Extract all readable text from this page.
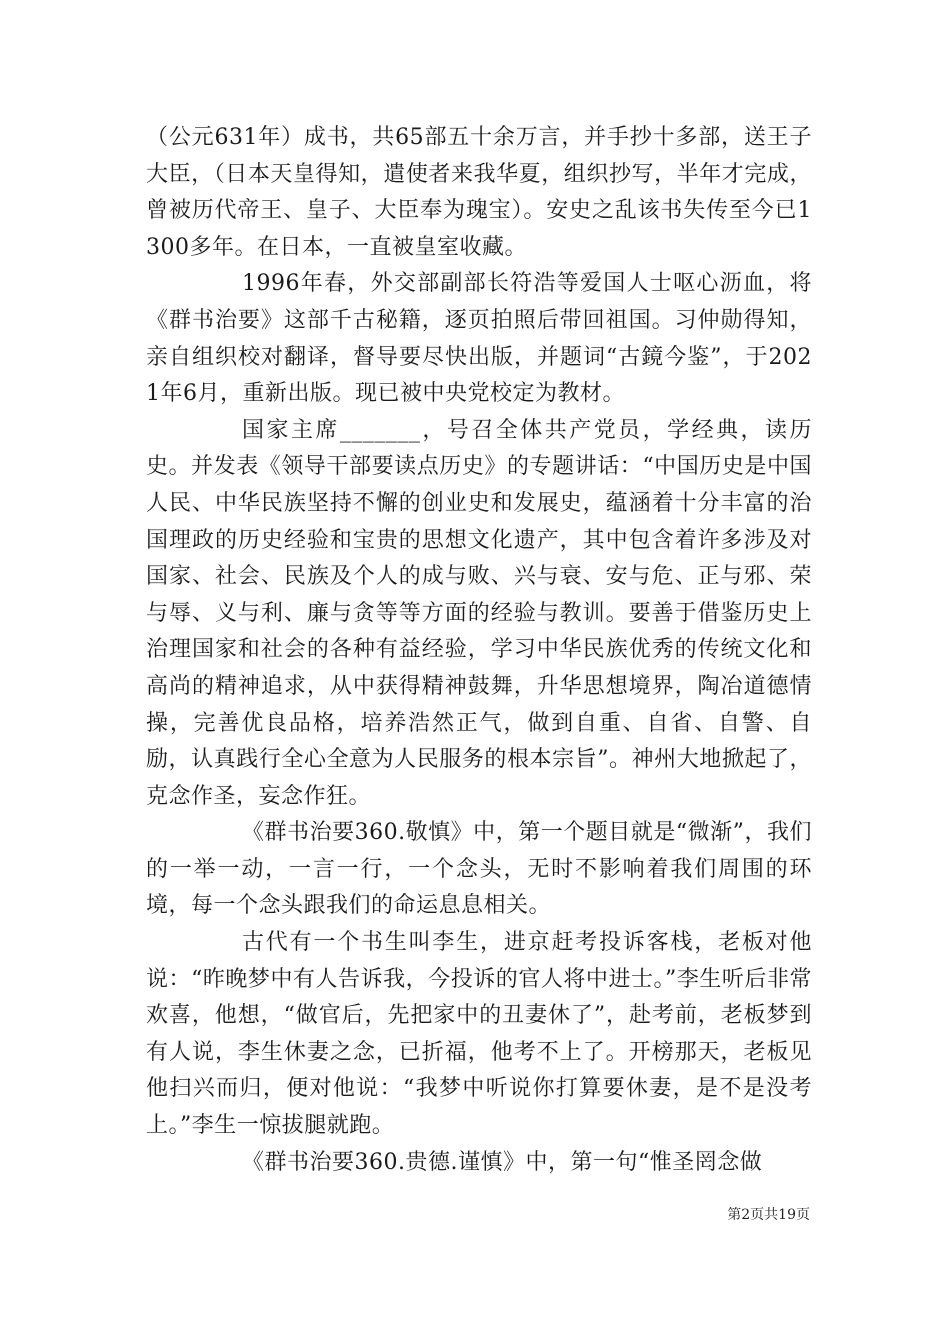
（公元631年）成书，共65部五十余万言，并手抄十多部，送王子大臣，（日本天皇得知，遣使者来我华夏，组织抄写，半年才完成，曾被历代帝王、皇子、大臣奉为瑰宝）。安史之乱该书失传至今已1300多年。在日本，一直被皇室收藏。

1996年春，外交部副部长符浩等爱国人士呕心沥血，将《群书治要》这部千古秘籍，逐页拍照后带回祖国。习仲勋得知，亲自组织校对翻译，督导要尽快出版，并题词“古鏡今鉴”，于2021年6月，重新出版。现已被中央党校定为教材。

国家主席_______，号召全体共产党员，学经典，读历史。并发表《领导干部要读点历史》的专题讲话：“中国历史是中国人民、中华民族坚持不懈的创业史和发展史，蕴涵着十分丰富的治国理政的历史经验和宝贵的思想文化遗产，其中包含着许多涉及对国家、社会、民族及个人的成与败、兴与衰、安与危、正与邪、荣与辱、义与利、廉与贪等等方面的经验与教训。要善于借鉴历史上治理国家和社会的各种有益经验，学习中华民族优秀的传统文化和高尚的精神追求，从中获得精神鼓舞，升华思想境界，陶冶道德情操，完善优良品格，培养浩然正气，做到自重、自省、自警、自励，认真践行全心全意为人民服务的根本宗旨”。神州大地掀起了，克念作圣，妄念作狂。

《群书治要360.敬慎》中，第一个题目就是“微渐”，我们的一举一动，一言一行，一个念头，无时不影响着我们周围的环境，每一个念头跟我们的命运息息相关。

古代有一个书生叫李生，进京赶考投诉客栈，老板对他说：“昨晚梦中有人告诉我，今投诉的官人将中进士。”李生听后非常欢喜，他想，“做官后，先把家中的丑妻休了”，赴考前，老板梦到有人说，李生休妻之念，已折福，他考不上了。开榜那天，老板见他扫兴而归，便对他说：“我梦中听说你打算要休妻，是不是没考上。”李生一惊拔腿就跑。

《群书治要360.贵德.谨慎》中，第一句“惟圣罔念做

第2页共19页
